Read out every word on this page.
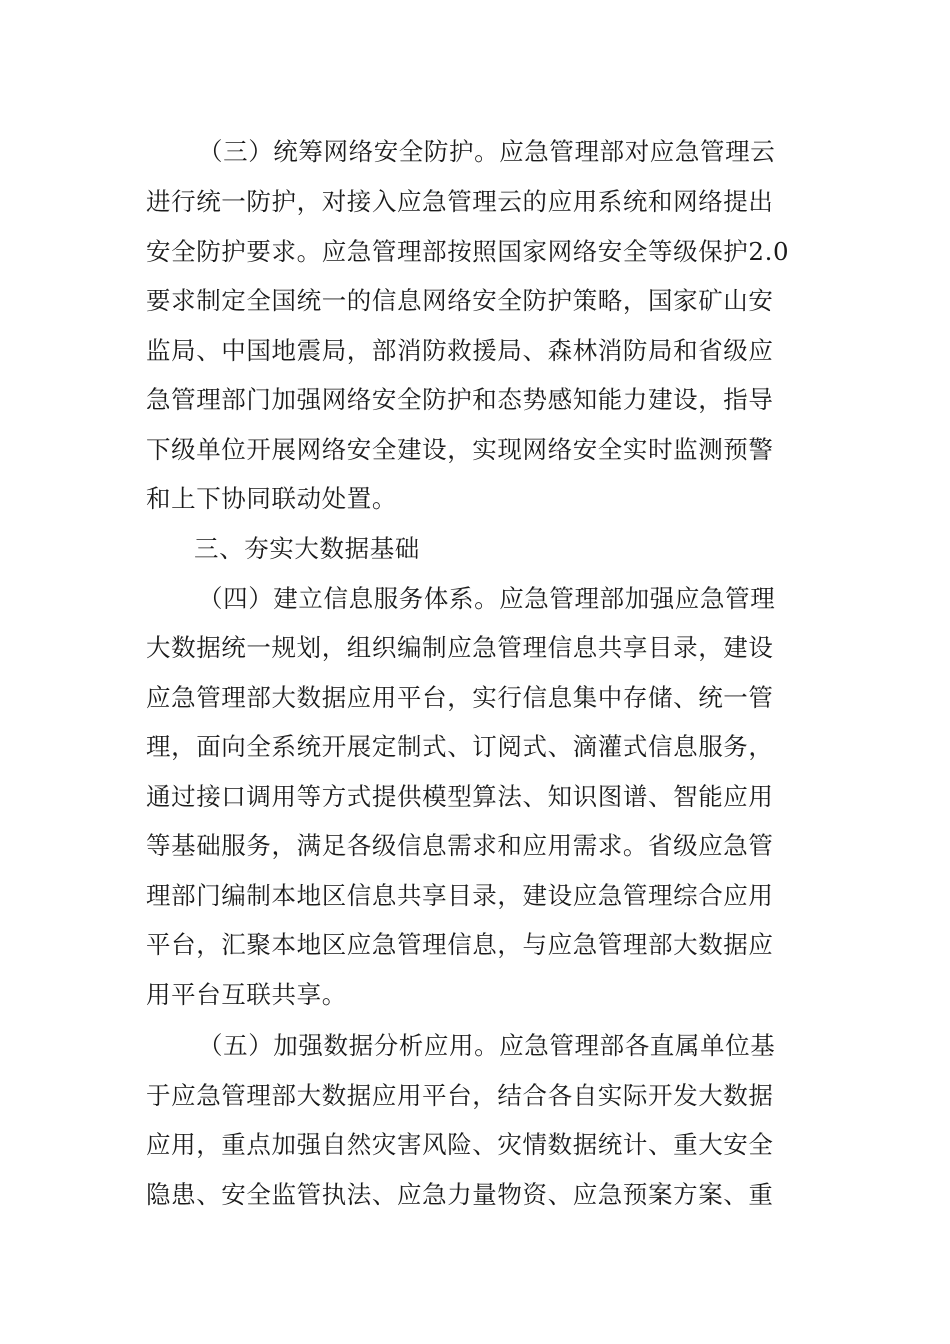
（三）统筹网络安全防护。应急管理部对应急管理云
进行统一防护，对接入应急管理云的应用系统和网络提出
安全防护要求。应急管理部按照国家网络安全等级保护2.0
要求制定全国统一的信息网络安全防护策略，国家矿山安
监局、中国地震局，部消防救援局、森林消防局和省级应
急管理部门加强网络安全防护和态势感知能力建设，指导
下级单位开展网络安全建设，实现网络安全实时监测预警
和上下协同联动处置。
三、夯实大数据基础
（四）建立信息服务体系。应急管理部加强应急管理
大数据统一规划，组织编制应急管理信息共享目录，建设
应急管理部大数据应用平台，实行信息集中存储、统一管
理，面向全系统开展定制式、订阅式、滴灌式信息服务，
通过接口调用等方式提供模型算法、知识图谱、智能应用
等基础服务，满足各级信息需求和应用需求。省级应急管
理部门编制本地区信息共享目录，建设应急管理综合应用
平台，汇聚本地区应急管理信息，与应急管理部大数据应
用平台互联共享。
（五）加强数据分析应用。应急管理部各直属单位基
于应急管理部大数据应用平台，结合各自实际开发大数据
应用，重点加强自然灾害风险、灾情数据统计、重大安全
隐患、安全监管执法、应急力量物资、应急预案方案、重
